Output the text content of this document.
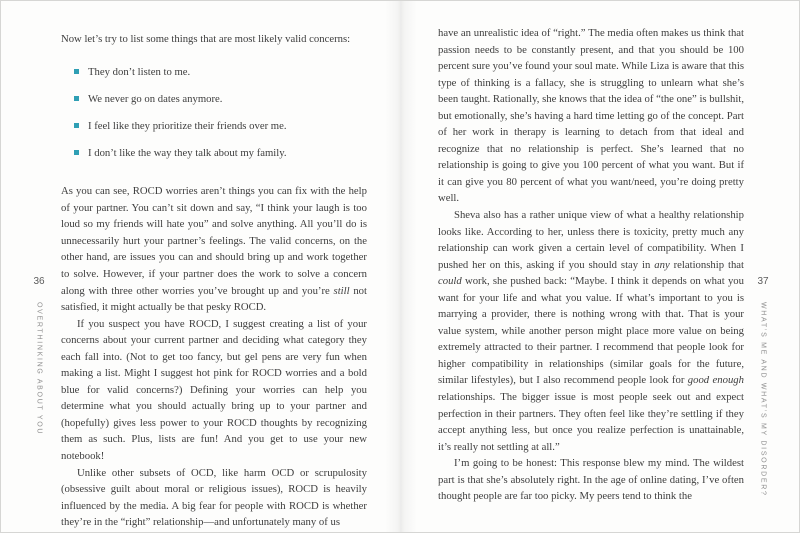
36
OVERTHINKING ABOUT YOU

Now let’s try to list some things that are most likely valid concerns:

They don’t listen to me.
We never go on dates anymore.
I feel like they prioritize their friends over me.
I don’t like the way they talk about my family.

As you can see, ROCD worries aren’t things you can fix with the help of your partner. You can’t sit down and say, “I think your laugh is too loud so my friends will hate you” and solve anything. All you’ll do is unnecessarily hurt your partner’s feelings. The valid concerns, on the other hand, are issues you can and should bring up and work together to solve. However, if your partner does the work to solve a concern along with three other worries you’ve brought up and you’re still not satisfied, it might actually be that pesky ROCD.

If you suspect you have ROCD, I suggest creating a list of your concerns about your current partner and deciding what category they each fall into. (Not to get too fancy, but gel pens are very fun when making a list. Might I suggest hot pink for ROCD worries and a bold blue for valid concerns?) Defining your worries can help you determine what you should actually bring up to your partner and (hopefully) gives less power to your ROCD thoughts by recognizing them as such. Plus, lists are fun! And you get to use your new notebook!

Unlike other subsets of OCD, like harm OCD or scrupulosity (obsessive guilt about moral or religious issues), ROCD is heavily influenced by the media. A big fear for people with ROCD is whether they’re in the “right” relationship—and unfortunately many of us

have an unrealistic idea of “right.” The media often makes us think that passion needs to be constantly present, and that you should be 100 percent sure you’ve found your soul mate. While Liza is aware that this type of thinking is a fallacy, she is struggling to unlearn what she’s been taught. Rationally, she knows that the idea of “the one” is bullshit, but emotionally, she’s having a hard time letting go of the concept. Part of her work in therapy is learning to detach from that ideal and recognize that no relationship is perfect. She’s learned that no relationship is going to give you 100 percent of what you want. But if it can give you 80 percent of what you want/need, you’re doing pretty well.

Sheva also has a rather unique view of what a healthy relationship looks like. According to her, unless there is toxicity, pretty much any relationship can work given a certain level of compatibility. When I pushed her on this, asking if you should stay in any relationship that could work, she pushed back: “Maybe. I think it depends on what you want for your life and what you value. If what’s important to you is marrying a provider, there is nothing wrong with that. That is your value system, while another person might place more value on being extremely attracted to their partner. I recommend that people look for higher compatibility in relationships (similar goals for the future, similar lifestyles), but I also recommend people look for good enough relationships. The bigger issue is most people seek out and expect perfection in their partners. They often feel like they’re settling if they accept anything less, but once you realize perfection is unattainable, it’s really not settling at all.”

I’m going to be honest: This response blew my mind. The wildest part is that she’s absolutely right. In the age of online dating, I’ve often thought people are far too picky. My peers tend to think the

37
WHAT’S ME AND WHAT’S MY DISORDER?
